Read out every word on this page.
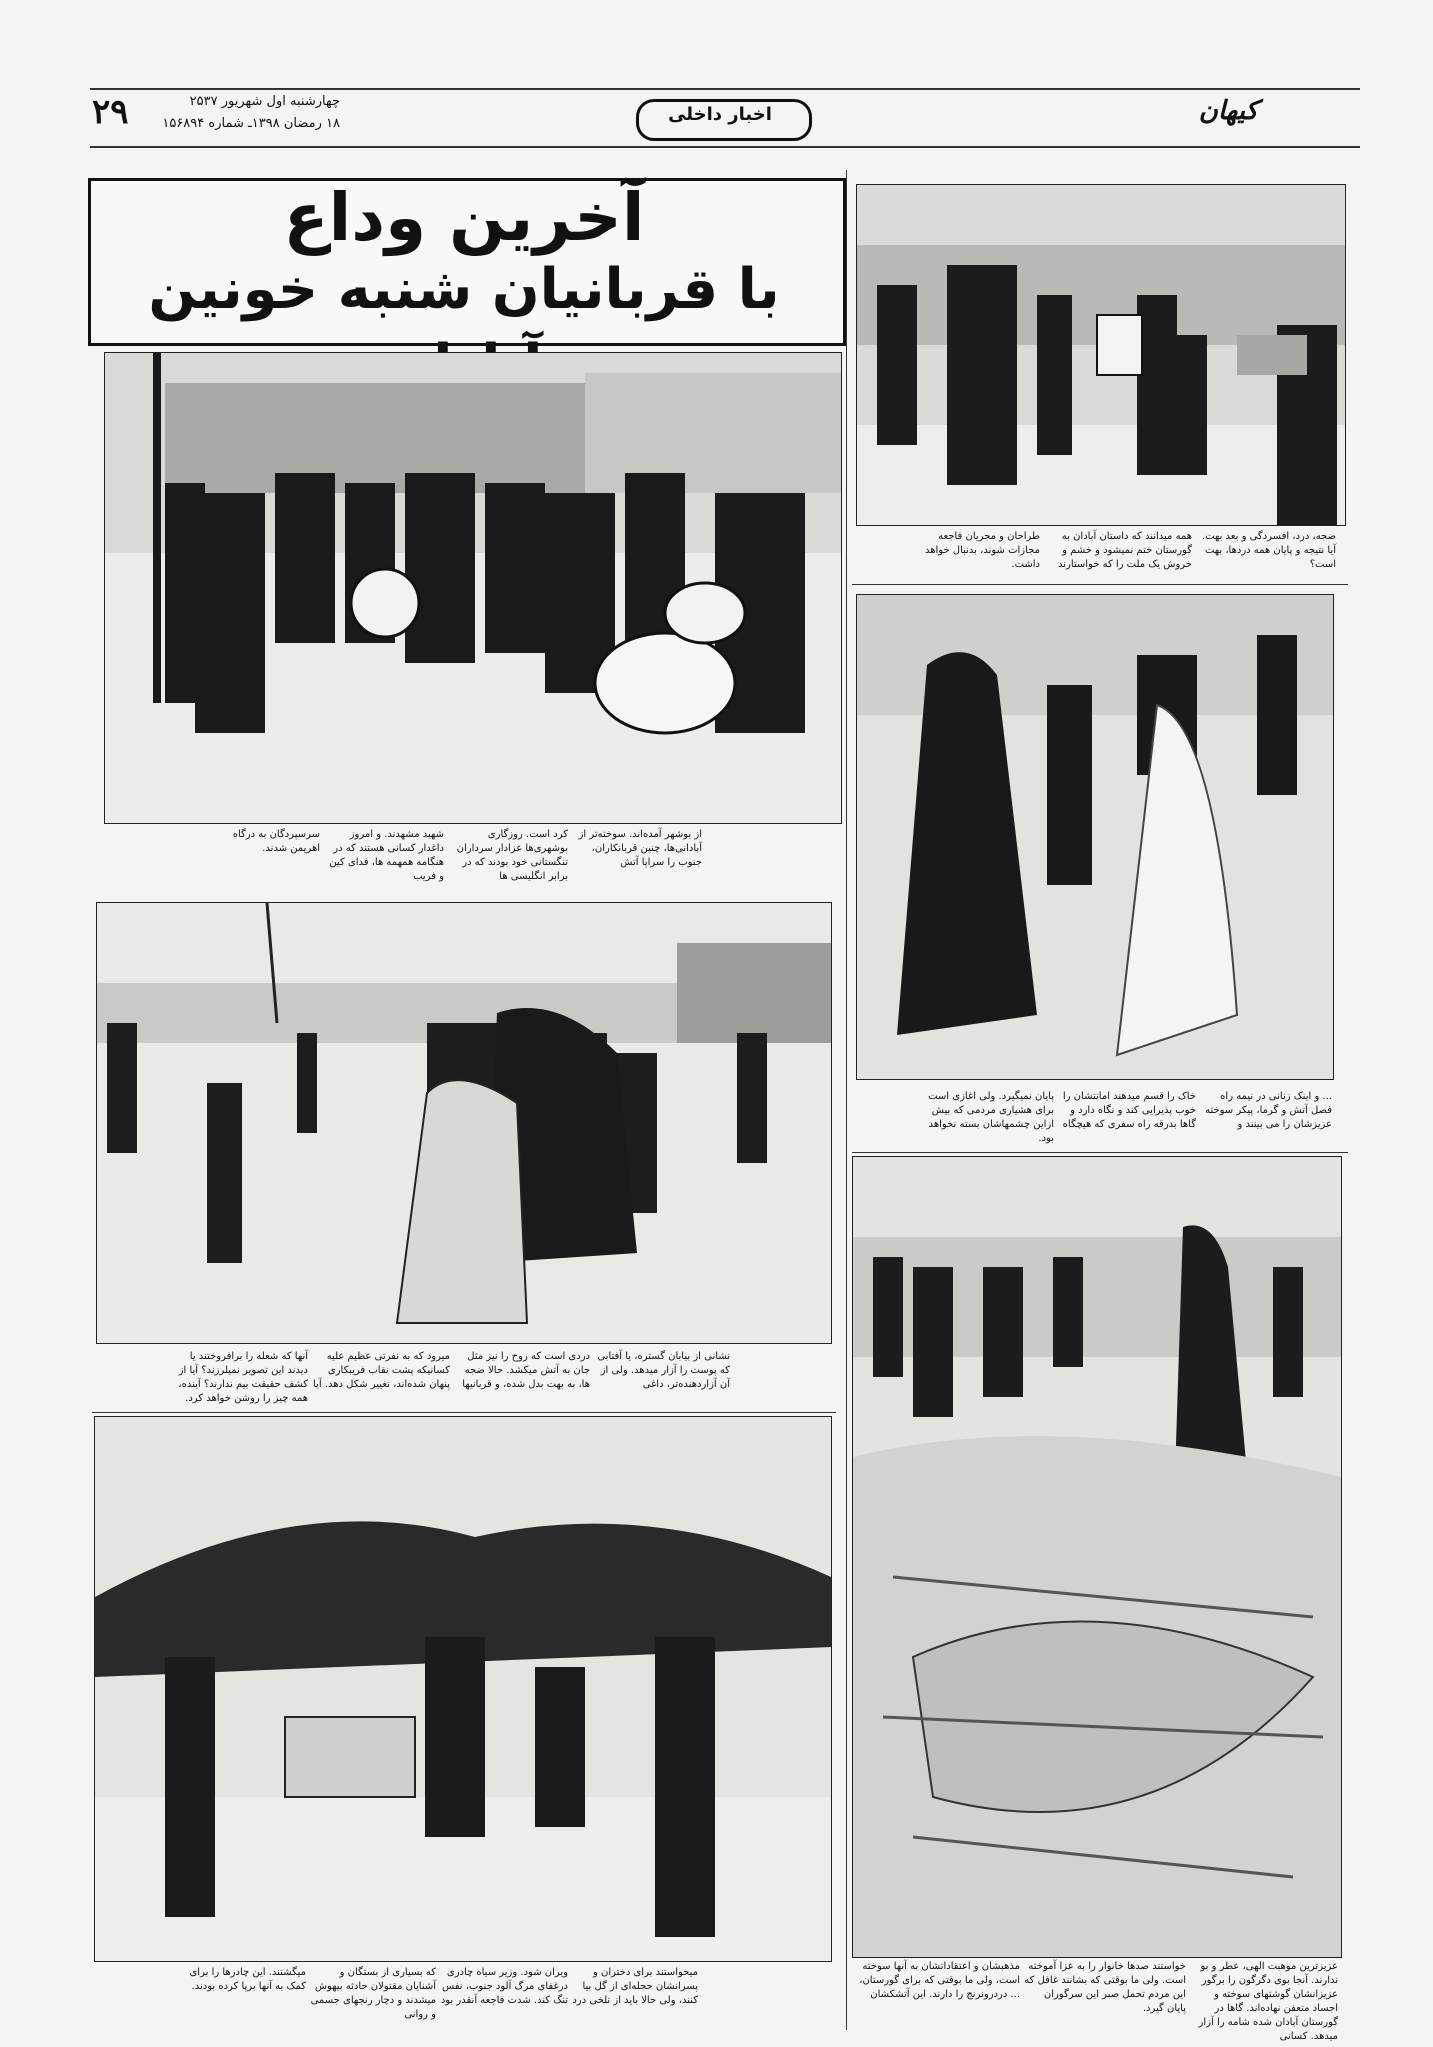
۲۹	چهارشنبه اول شهریور ۲۵۳۷
۱۸ رمضان ۱۳۹۸ـ شماره ۱۵۶۸۹۴	اخبار داخلی	کیهان
آخرین وداع
با قربانیان شنبه خونین
از بوشهر آمده‌اند. سوخته‌تر از آبادانی‌ها، چنین قربانکاران، جنوب را سراپا آتش
کرد است. روزگاری بوشهری‌ها عزادار سرداران تنگستانی خود بودند که در برابر انگلیسی ها
شهید مشهدند. و امروز داغدار کسانی هستند که در هنگامه همهمه ها، فدای کین و فریب
سرسپردگان به درگاه اهریمن شدند.
ضجه، درد، افسردگی و بعد بهت. آیا نتیجه و پایان همه دردها، بهت است؟
همه میدانند که داستان آبادان به گورستان ختم نمیشود و خشم و خروش یک ملت را که خواستارند
طراحان و مجریان فاجعه مجازات شوند، بدنبال خواهد داشت.
... و اینک زنانی در نیمه راه فصل آتش و گرما، پیکر سوخته عزیزشان را می بینند و
خاک را قسم میدهند امانتشان را خوب پذیرایی کند و نگاه دارد و گاها بدرقه راه سفری که هیچگاه
پایان نمیگیرد. ولی اغازی است برای هشیاری مردمی که بیش ازاین چشمهاشان بسته نخواهد بود.
نشانی از بیابان گستره، یا آفتابی که پوست را آزار میدهد. ولی از آن آزاردهنده‌تر، داغی
دردی است که روح را نیز مثل جان به آتش میکشد. حالا ضجه ها، به بهت بدل شده، و قربانیها
میرود که به نفرتی عظیم علیه کسانیکه پشت نقاب فریبکاری پنهان شده‌اند، تغییر شکل دهد. آیا
آنها که شعله را برافروختند یا دیدند این تصویر نمیلرزند؟ آیا از کشف حقیقت بیم ندارند؟ آینده، همه چیز را روشن خواهد کرد.
میخواستند برای دختران و پسرانشان حجله‌ای از گل بیا کنند، ولی حالا باید از تلخی درد
ویران شود. وزیر سیاه چادری درغفای مرگ آلود جنوب، نفس تنگ کند. شدت فاجعه آنقدر بود
که بسیاری از بستگان و آشنایان مقتولان حادثه بیهوش میشدند و دچار رنجهای جسمی و روانی
میگشتند. این چادرها را برای کمک به آنها برپا کرده بودند.
عزیزترین موهبت الهی، عطر و بو ندارند. آنجا بوی دگرگون را برگور عزیزانشان گوشتهای سوخته و اجساد متعفن نهاده‌اند. گاها در گورستان آبادان شده شامه را آزار میدهد. کسانی
خواستند صدها خانوار را به عزا آموخته است. ولی ما بوقتی که بشانند غافل که این مردم تحمل صبر این سرگوران پایان گیرد.
مذهبشان و اعتقاداتشان به آنها سوخته است، ولی ما بوقتی که برای گورستان، ... دردرونرنج را دارند. این آتشکشان
